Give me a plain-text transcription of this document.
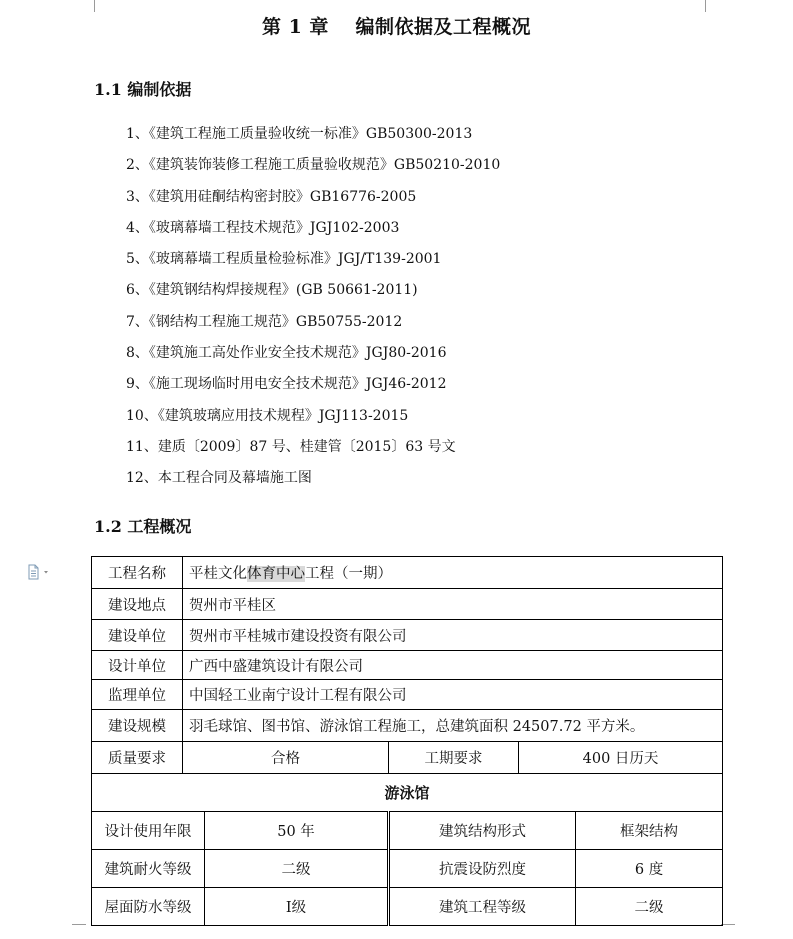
第 1 章　 编制依据及工程概况
1.1 编制依据
1、《建筑工程施工质量验收统一标准》GB50300-2013
2、《建筑装饰装修工程施工质量验收规范》GB50210-2010
3、《建筑用硅酮结构密封胶》GB16776-2005
4、《玻璃幕墙工程技术规范》JGJ102-2003
5、《玻璃幕墙工程质量检验标准》JGJ/T139-2001
6、《建筑钢结构焊接规程》(GB 50661-2011)
7、《钢结构工程施工规范》GB50755-2012
8、《建筑施工高处作业安全技术规范》JGJ80-2016
9、《施工现场临时用电安全技术规范》JGJ46-2012
10、《建筑玻璃应用技术规程》JGJ113-2015
11、建质〔2009〕87 号、桂建管〔2015〕63 号文
12、本工程合同及幕墙施工图
1.2 工程概况
工程名称	平桂文化体育中心工程（一期）				
建设地点	贺州市平桂区				
建设单位	贺州市平桂城市建设投资有限公司				
设计单位	广西中盛建筑设计有限公司				
监理单位	中国轻工业南宁设计工程有限公司				
建设规模	羽毛球馆、图书馆、游泳馆工程施工，总建筑面积 24507.72 平方米。				
质量要求	合格		工期要求	400 日历天	
游泳馆					
设计使用年限		50 年	建筑结构形式		框架结构
建筑耐火等级		二级	抗震设防烈度		6 度
屋面防水等级		Ⅰ级	建筑工程等级		二级
